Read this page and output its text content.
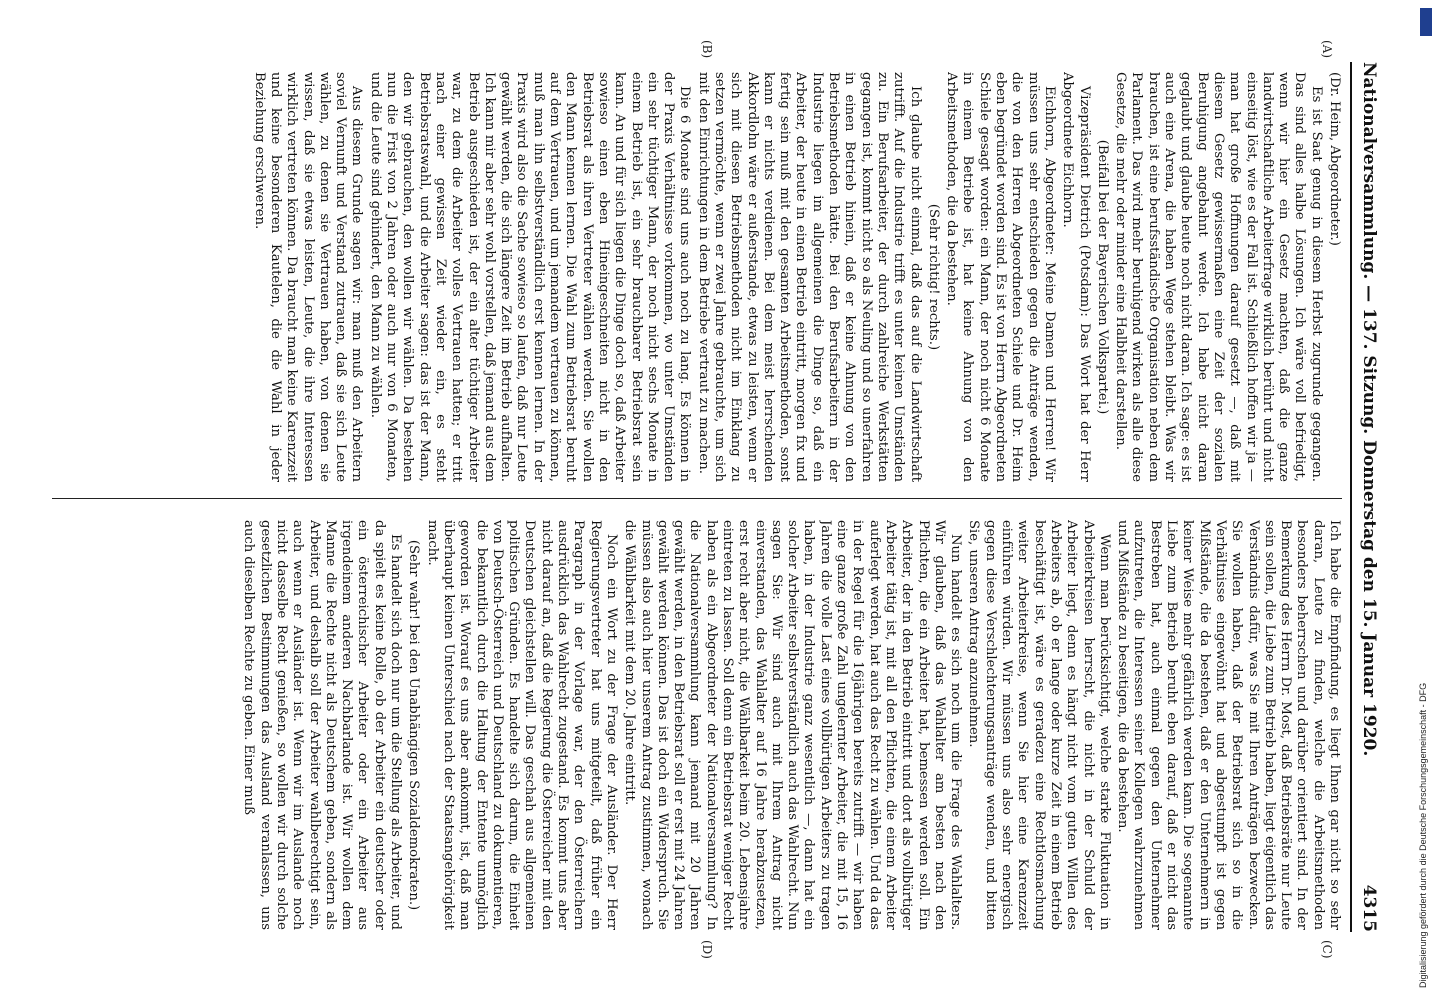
Nationalversammlung. — 137. Sitzung. Donnerstag den 15. Januar 1920.
4315
(A)
(B)
(C)
(D)

(Dr. Heim, Abgeordneter.)

Es ist Saat genug in diesem Herbst zugrunde gegangen. Das sind alles halbe Lösungen. Ich wäre voll befriedigt, wenn wir hier ein Gesetz machten, daß die ganze landwirtschaftliche Arbeiterfrage wirklich berührt und nicht einseitig löst, wie es der Fall ist. Schließlich hoffen wir ja — man hat große Hoffnungen darauf gesetzt —, daß mit diesem Gesetz gewissermaßen eine Zeit der sozialen Beruhigung angebahnt werde. Ich habe nicht daran geglaubt und glaube heute noch nicht daran. Ich sage: es ist auch eine Arena, die haben Wege stehen bleibt. Was wir brauchen, ist eine berufsständische Organisation neben dem Parlament. Das wird mehr beruhigend wirken als alle diese Gesetze, die mehr oder minder eine Halbheit darstellen.

(Beifall bei der Bayerischen Volkspartei.)

Vizepräsident Dietrich (Potsdam): Das Wort hat der Herr Abgeordnete Eichhorn.

Eichhorn, Abgeordneter: Meine Damen und Herren! Wir müssen uns sehr entschieden gegen die Anträge wenden, die von den Herren Abgeordneten Schiele und Dr. Heim eben begründet worden sind. Es ist von Herrn Abgeordneten Schiele gesagt worden: ein Mann, der noch nicht 6 Monate in einem Betriebe ist, hat keine Ahnung von den Arbeitsmethoden, die da bestehen.

(Sehr richtig! rechts.)

Ich glaube nicht einmal, daß das auf die Landwirtschaft zutrifft. Auf die Industrie trifft es unter keinen Umständen zu. Ein Berufsarbeiter, der durch zahlreiche Werkstätten gegangen ist, kommt nicht so als Neuling und so unerfahren in einen Betrieb hinein, daß er keine Ahnung von den Betriebsmethoden hätte. Bei den Berufsarbeitern in der Industrie liegen im allgemeinen die Dinge so, daß ein Arbeiter, der heute in einen Betrieb eintritt, morgen fix und fertig sein muß mit den gesamten Arbeitsmethoden, sonst kann er nichts verdienen. Bei dem meist herrschenden Akkordlohn wäre er außerstande, etwas zu leisten, wenn er sich mit diesen Betriebsmethoden nicht im Einklang zu setzen vermöchte, wenn er zwei Jahre gebrauchte, um sich mit den Einrichtungen in dem Betriebe vertraut zu machen.

Die 6 Monate sind uns auch noch zu lang. Es können in der Praxis Verhältnisse vorkommen, wo unter Umständen ein sehr tüchtiger Mann, der noch nicht sechs Monate in einem Betrieb ist, ein sehr brauchbarer Betriebsrat sein kann. An und für sich liegen die Dinge doch so, daß Arbeiter sowieso einen eben Hineingeschneiten nicht in den Betriebsrat als ihren Vertreter wählen werden. Sie wollen den Mann kennen lernen. Die Wahl zum Betriebsrat beruht auf dem Vertrauen, und um jemandem vertrauen zu können, muß man ihn selbstverständlich erst kennen lernen. In der Praxis wird also die Sache sowieso so laufen, daß nur Leute gewählt werden, die sich längere Zeit im Betrieb aufhalten. Ich kann mir aber sehr wohl vorstellen, daß jemand aus dem Betrieb ausgeschieden ist, der ein alter tüchtiger Arbeiter war, zu dem die Arbeiter volles Vertrauen hatten; er tritt nach einer gewissen Zeit wieder ein, es steht Betriebsratswahl, und die Arbeiter sagen: das ist der Mann, den wir gebrauchen, den wollen wir wählen. Da bestehen nun die Frist von 2 Jahren oder auch nur von 6 Monaten, und die Leute sind gehindert, den Mann zu wählen.

Aus diesem Grunde sagen wir: man muß den Arbeitern soviel Vernunft und Verstand zutrauen, daß sie sich Leute wählen, zu denen sie Vertrauen haben, von denen sie wissen, daß sie etwas leisten, Leute, die ihre Interessen wirklich vertreten können. Da braucht man keine Karenzzeit und keine besonderen Kautelen, die die Wahl in jeder Beziehung erschweren.

Ich habe die Empfindung, es liegt Ihnen gar nicht so sehr daran, Leute zu finden, welche die Arbeitsmethoden besonders beherrschen und darüber orientiert sind. In der Bemerkung des Herrn Dr. Most, daß Betriebsräte nur Leute sein sollen, die Liebe zum Betrieb haben, liegt eigentlich das Verständnis dafür, was Sie mit Ihren Anträgen bezwecken. Sie wollen haben, daß der Betriebsrat sich so in die Verhältnisse eingewöhnt hat und abgestumpft ist gegen Mißstände, die da bestehen, daß er den Unternehmern in keiner Weise mehr gefährlich werden kann. Die sogenannte Liebe zum Betrieb beruht eben darauf, daß er nicht das Bestreben hat, auch einmal gegen den Unternehmer aufzutreten, die Interessen seiner Kollegen wahrzunehmen und Mißstände zu beseitigen, die da bestehen.

Wenn man berücksichtigt, welche starke Fluktuation in Arbeiterkreisen herrscht, die nicht in der Schuld der Arbeiter liegt, denn es hängt nicht vom guten Willen des Arbeiters ab, ob er lange oder kurze Zeit in einem Betrieb beschäftigt ist, wäre es geradezu eine Rechtlosmachung weiter Arbeiterkreise, wenn Sie hier eine Karenzzeit einführen würden. Wir müssen uns also sehr energisch gegen diese Verschlechterungsanträge wenden, und bitten Sie, unseren Antrag anzunehmen.

Nun handelt es sich noch um die Frage des Wahlalters. Wir glauben, daß das Wahlalter am besten nach den Pflichten, die ein Arbeiter hat, bemessen werden soll. Ein Arbeiter, der in den Betrieb eintritt und dort als vollbürtiger Arbeiter tätig ist, mit all den Pflichten, die einem Arbeiter auferlegt werden, hat auch das Recht zu wählen. Und da das in der Regel für die 16jährigen bereits zutrifft — wir haben eine ganze große Zahl ungelernter Arbeiter, die mit 15, 16 Jahren die volle Last eines vollbürtigen Arbeiters zu tragen haben, in der Industrie ganz wesentlich —, dann hat ein solcher Arbeiter selbstverständlich auch das Wahlrecht. Nun sagen Sie: Wir sind auch mit Ihrem Antrag nicht einverstanden, das Wahlalter auf 16 Jahre herabzusetzen, erst recht aber nicht, die Wählbarkeit beim 20. Lebensjahre eintreten zu lassen. Soll denn ein Betriebsrat weniger Recht haben als ein Abgeordneter der Nationalversammlung? In die Nationalversammlung kann jemand mit 20 Jahren gewählt werden, in den Betriebsrat soll er erst mit 24 Jahren gewählt werden können. Das ist doch ein Widerspruch. Sie müssen also auch hier unserem Antrag zustimmen, wonach die Wählbarkeit mit dem 20. Jahre eintritt.

Noch ein Wort zu der Frage der Ausländer. Der Herr Regierungsvertreter hat uns mitgeteilt, daß früher ein Paragraph in der Vorlage war, der den Österreichern ausdrücklich das Wahlrecht zugestand. Es kommt uns aber nicht darauf an, daß die Regierung die Österreicher mit den Deutschen gleichstellen will. Das geschah aus allgemeinen politischen Gründen. Es handelte sich darum, die Einheit von Deutsch-Österreich und Deutschland zu dokumentieren, die bekanntlich durch die Haltung der Entente unmöglich geworden ist. Worauf es uns aber ankommt, ist, daß man überhaupt keinen Unterschied nach der Staatsangehörigkeit macht.

(Sehr wahr! bei den Unabhängigen Sozialdemokraten.)

Es handelt sich doch nur um die Stellung als Arbeiter, und da spielt es keine Rolle, ob der Arbeiter ein deutscher oder ein österreichischer Arbeiter oder ein Arbeiter aus irgendeinem anderen Nachbarlande ist. Wir wollen dem Manne die Rechte nicht als Deutschem geben, sondern als Arbeiter, und deshalb soll der Arbeiter wahlberechtigt sein, auch wenn er Ausländer ist. Wenn wir im Auslande noch nicht dasselbe Recht genießen, so wollen wir durch solche gesetzlichen Bestimmungen das Ausland veranlassen, uns auch dieselben Rechte zu geben. Einer muß

Digitalisierung gefördert durch die Deutsche Forschungsgemeinschaft - DFG
